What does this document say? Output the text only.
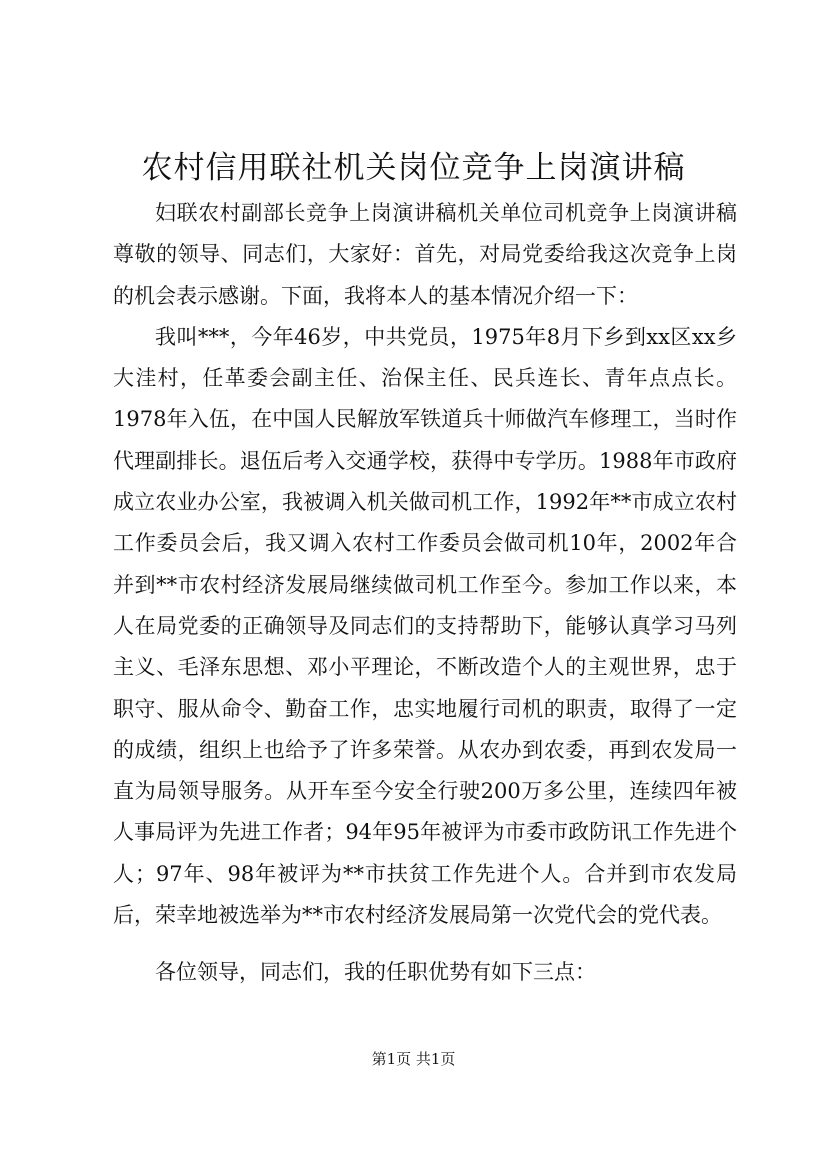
农村信用联社机关岗位竞争上岗演讲稿

妇联农村副部长竞争上岗演讲稿机关单位司机竞争上岗演讲稿尊敬的领导、同志们，大家好：首先，对局党委给我这次竞争上岗的机会表示感谢。下面，我将本人的基本情况介绍一下：

我叫***，今年46岁，中共党员，1975年8月下乡到xx区xx乡大洼村，任革委会副主任、治保主任、民兵连长、青年点点长。1978年入伍，在中国人民解放军铁道兵十师做汽车修理工，当时作代理副排长。退伍后考入交通学校，获得中专学历。1988年市政府成立农业办公室，我被调入机关做司机工作，1992年**市成立农村工作委员会后，我又调入农村工作委员会做司机10年，2002年合并到**市农村经济发展局继续做司机工作至今。参加工作以来，本人在局党委的正确领导及同志们的支持帮助下，能够认真学习马列主义、毛泽东思想、邓小平理论，不断改造个人的主观世界，忠于职守、服从命令、勤奋工作，忠实地履行司机的职责，取得了一定的成绩，组织上也给予了许多荣誉。从农办到农委，再到农发局一直为局领导服务。从开车至今安全行驶200万多公里，连续四年被人事局评为先进工作者；94年95年被评为市委市政防讯工作先进个人；97年、98年被评为**市扶贫工作先进个人。合并到市农发局后，荣幸地被选举为**市农村经济发展局第一次党代会的党代表。

各位领导，同志们，我的任职优势有如下三点：

第1页 共1页
